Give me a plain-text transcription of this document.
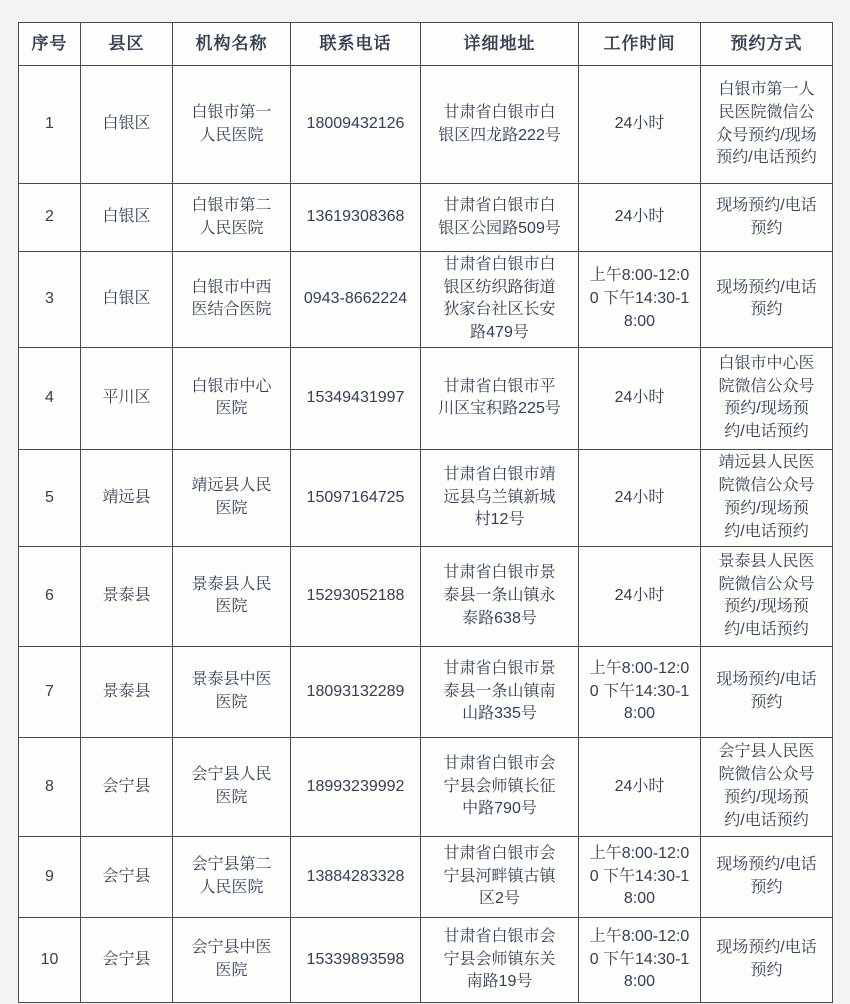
序号	县区	机构名称	联系电话	详细地址	工作时间	预约方式
1	白银区	白银市第一人民医院	18009432126	甘肃省白银市白银区四龙路222号	24小时	白银市第一人民医院微信公众号预约/现场预约/电话预约
2	白银区	白银市第二人民医院	13619308368	甘肃省白银市白银区公园路509号	24小时	现场预约/电话预约
3	白银区	白银市中西医结合医院	0943-8662224	甘肃省白银市白银区纺织路街道狄家台社区长安路479号	上午8:00-12:00 下午14:30-18:00	现场预约/电话预约
4	平川区	白银市中心医院	15349431997	甘肃省白银市平川区宝积路225号	24小时	白银市中心医院微信公众号预约/现场预约/电话预约
5	靖远县	靖远县人民医院	15097164725	甘肃省白银市靖远县乌兰镇新城村12号	24小时	靖远县人民医院微信公众号预约/现场预约/电话预约
6	景泰县	景泰县人民医院	15293052188	甘肃省白银市景泰县一条山镇永泰路638号	24小时	景泰县人民医院微信公众号预约/现场预约/电话预约
7	景泰县	景泰县中医医院	18093132289	甘肃省白银市景泰县一条山镇南山路335号	上午8:00-12:00 下午14:30-18:00	现场预约/电话预约
8	会宁县	会宁县人民医院	18993239992	甘肃省白银市会宁县会师镇长征中路790号	24小时	会宁县人民医院微信公众号预约/现场预约/电话预约
9	会宁县	会宁县第二人民医院	13884283328	甘肃省白银市会宁县河畔镇古镇区2号	上午8:00-12:00 下午14:30-18:00	现场预约/电话预约
10	会宁县	会宁县中医医院	15339893598	甘肃省白银市会宁县会师镇东关南路19号	上午8:00-12:00 下午14:30-18:00	现场预约/电话预约
